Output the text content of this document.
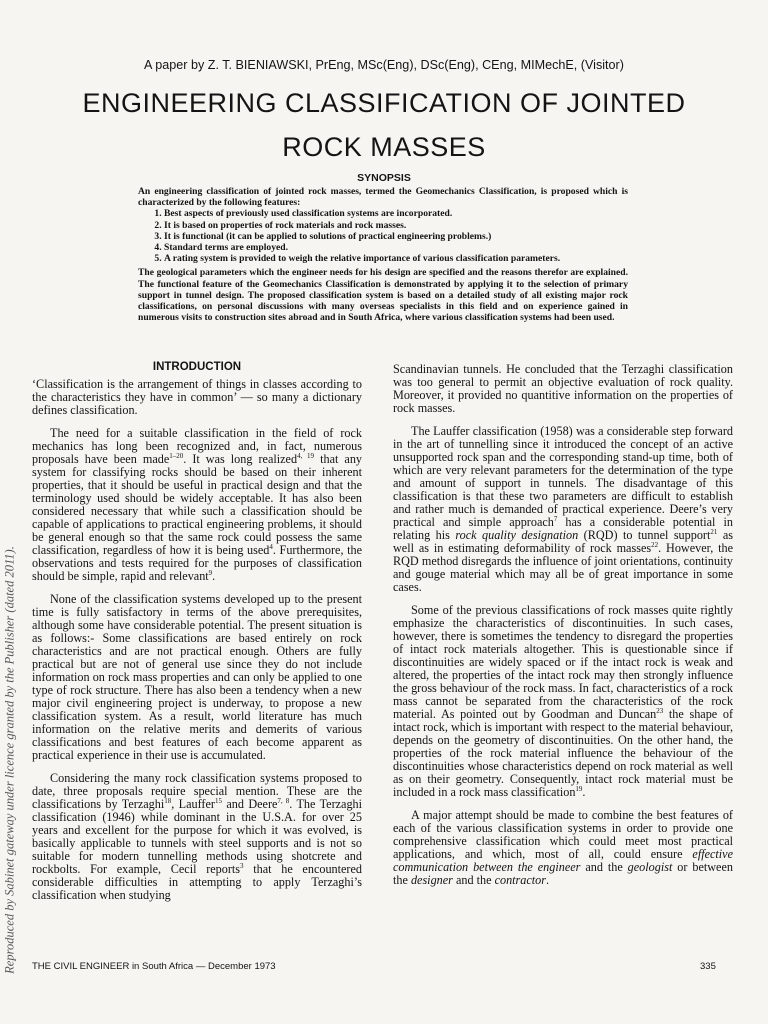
Reproduced by Sabinet gateway under licence granted by the Publisher (dated 2011).
A paper by Z. T. BIENIAWSKI, PrEng, MSc(Eng), DSc(Eng), CEng, MIMechE, (Visitor)
ENGINEERING CLASSIFICATION OF JOINTED
ROCK MASSES
SYNOPSIS

An engineering classification of jointed rock masses, termed the Geomechanics Classification, is proposed which is characterized by the following features:

1. Best aspects of previously used classification systems are incorporated.
2. It is based on properties of rock materials and rock masses.
3. It is functional (it can be applied to solutions of practical engineering problems.)
4. Standard terms are employed.
5. A rating system is provided to weigh the relative importance of various classification parameters.

The geological parameters which the engineer needs for his design are specified and the reasons therefor are explained. The functional feature of the Geomechanics Classification is demonstrated by applying it to the selection of primary support in tunnel design. The proposed classification system is based on a detailed study of all existing major rock classifications, on personal discussions with many overseas specialists in this field and on experience gained in numerous visits to construction sites abroad and in South Africa, where various classification systems had been used.

INTRODUCTION

‘Classification is the arrangement of things in classes according to the characteristics they have in common’ — so many a dictionary defines classification.

The need for a suitable classification in the field of rock mechanics has long been recognized and, in fact, numerous proposals have been made$^{1-20}$. It was long realized$^{4, 19}$ that any system for classifying rocks should be based on their inherent properties, that it should be useful in practical design and that the terminology used should be widely acceptable. It has also been considered necessary that while such a classification should be capable of applications to practical engineering problems, it should be general enough so that the same rock could possess the same classification, regardless of how it is being used$^4$. Furthermore, the observations and tests required for the purposes of classification should be simple, rapid and relevant$^9$.

None of the classification systems developed up to the present time is fully satisfactory in terms of the above prerequisites, although some have considerable potential. The present situation is as follows:- Some classifications are based entirely on rock characteristics and are not practical enough. Others are fully practical but are not of general use since they do not include information on rock mass properties and can only be applied to one type of rock structure. There has also been a tendency when a new major civil engineering project is underway, to propose a new classification system. As a result, world literature has much information on the relative merits and demerits of various classifications and best features of each become apparent as practical experience in their use is accumulated.

Considering the many rock classification systems proposed to date, three proposals require special mention. These are the classifications by Terzaghi$^{18}$, Lauffer$^{15}$ and Deere$^{7, 8}$. The Terzaghi classification (1946) while dominant in the U.S.A. for over 25 years and excellent for the purpose for which it was evolved, is basically applicable to tunnels with steel supports and is not so suitable for modern tunnelling methods using shotcrete and rockbolts. For example, Cecil reports$^3$ that he encountered considerable difficulties in attempting to apply Terzaghi’s classification when studying

Scandinavian tunnels. He concluded that the Terzaghi classification was too general to permit an objective evaluation of rock quality. Moreover, it provided no quantitive information on the properties of rock masses.

The Lauffer classification (1958) was a considerable step forward in the art of tunnelling since it introduced the concept of an active unsupported rock span and the corresponding stand-up time, both of which are very relevant parameters for the determination of the type and amount of support in tunnels. The disadvantage of this classification is that these two parameters are difficult to establish and rather much is demanded of practical experience. Deere’s very practical and simple approach$^7$ has a considerable potential in relating his rock quality designation (RQD) to tunnel support$^{21}$ as well as in estimating deformability of rock masses$^{22}$. However, the RQD method disregards the influence of joint orientations, continuity and gouge material which may all be of great importance in some cases.

Some of the previous classifications of rock masses quite rightly emphasize the characteristics of discontinuities. In such cases, however, there is sometimes the tendency to disregard the properties of intact rock materials altogether. This is questionable since if discontinuities are widely spaced or if the intact rock is weak and altered, the properties of the intact rock may then strongly influence the gross behaviour of the rock mass. In fact, characteristics of a rock mass cannot be separated from the characteristics of the rock material. As pointed out by Goodman and Duncan$^{23}$ the shape of intact rock, which is important with respect to the material behaviour, depends on the geometry of discontinuities. On the other hand, the properties of the rock material influence the behaviour of the discontinuities whose characteristics depend on rock material as well as on their geometry. Consequently, intact rock material must be included in a rock mass classification$^{19}$.

A major attempt should be made to combine the best features of each of the various classification systems in order to provide one comprehensive classification which could meet most practical applications, and which, most of all, could ensure effective communication between the engineer and the geologist or between the designer and the contractor.

THE CIVIL ENGINEER in South Africa — December 1973	335
